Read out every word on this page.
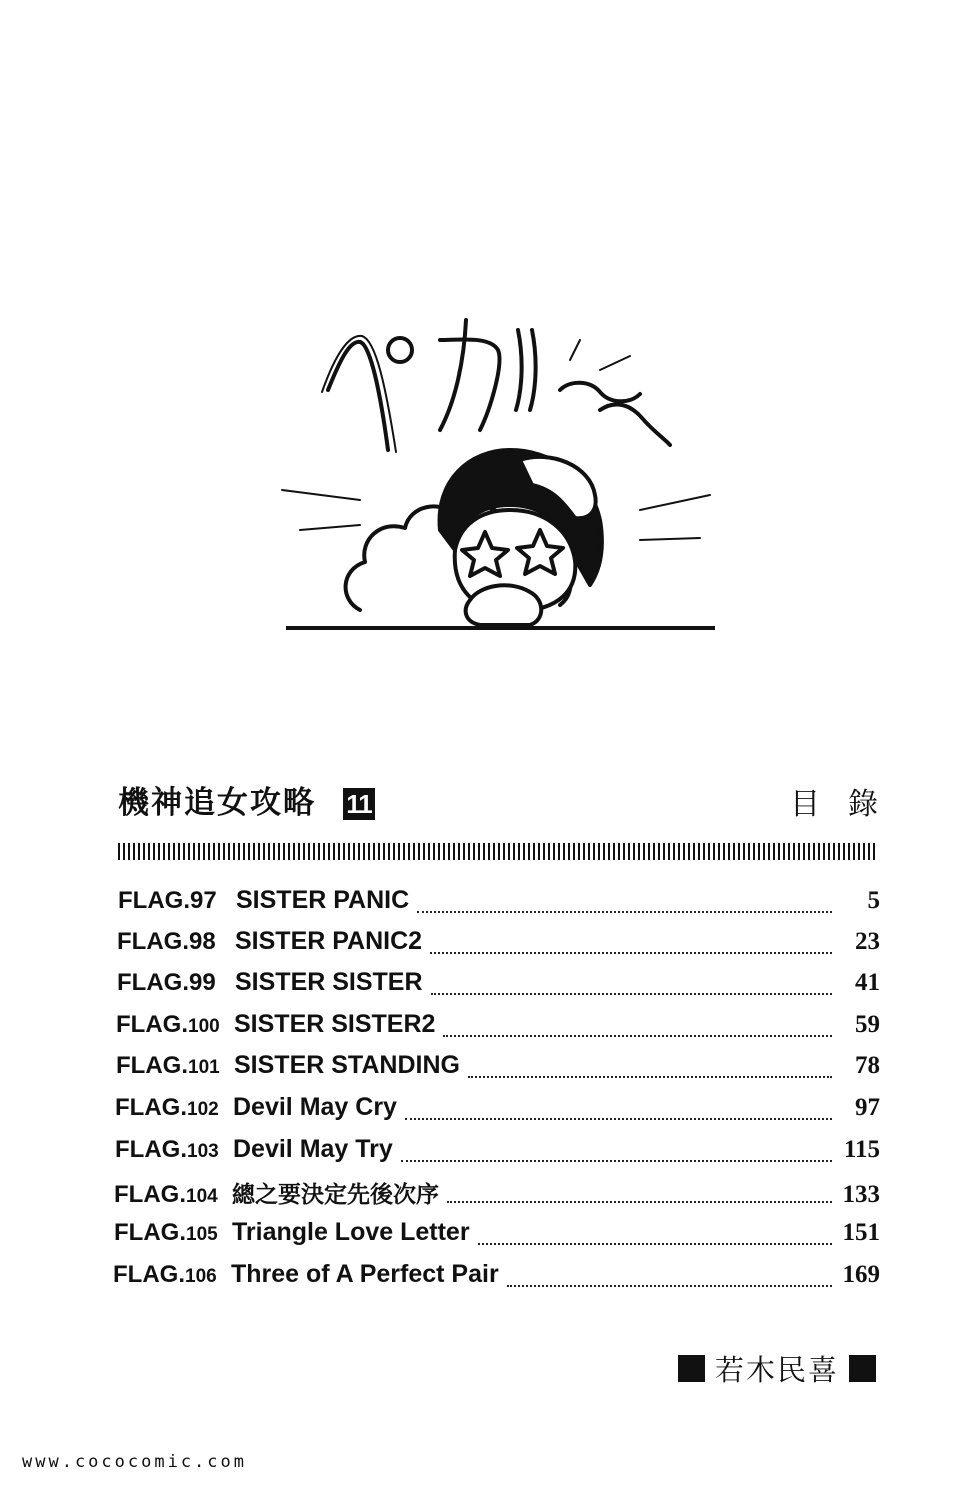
機神追女攻略 11	目錄
FLAG.97 SISTER PANIC	5
FLAG.98 SISTER PANIC2	23
FLAG.99 SISTER SISTER	41
FLAG.100 SISTER SISTER2	59
FLAG.101 SISTER STANDING	78
FLAG.102 Devil May Cry	97
FLAG.103 Devil May Try	115
FLAG.104 總之要決定先後次序	133
FLAG.105 Triangle Love Letter	151
FLAG.106 Three of A Perfect Pair	169
若木民喜
www.cococomic.com
